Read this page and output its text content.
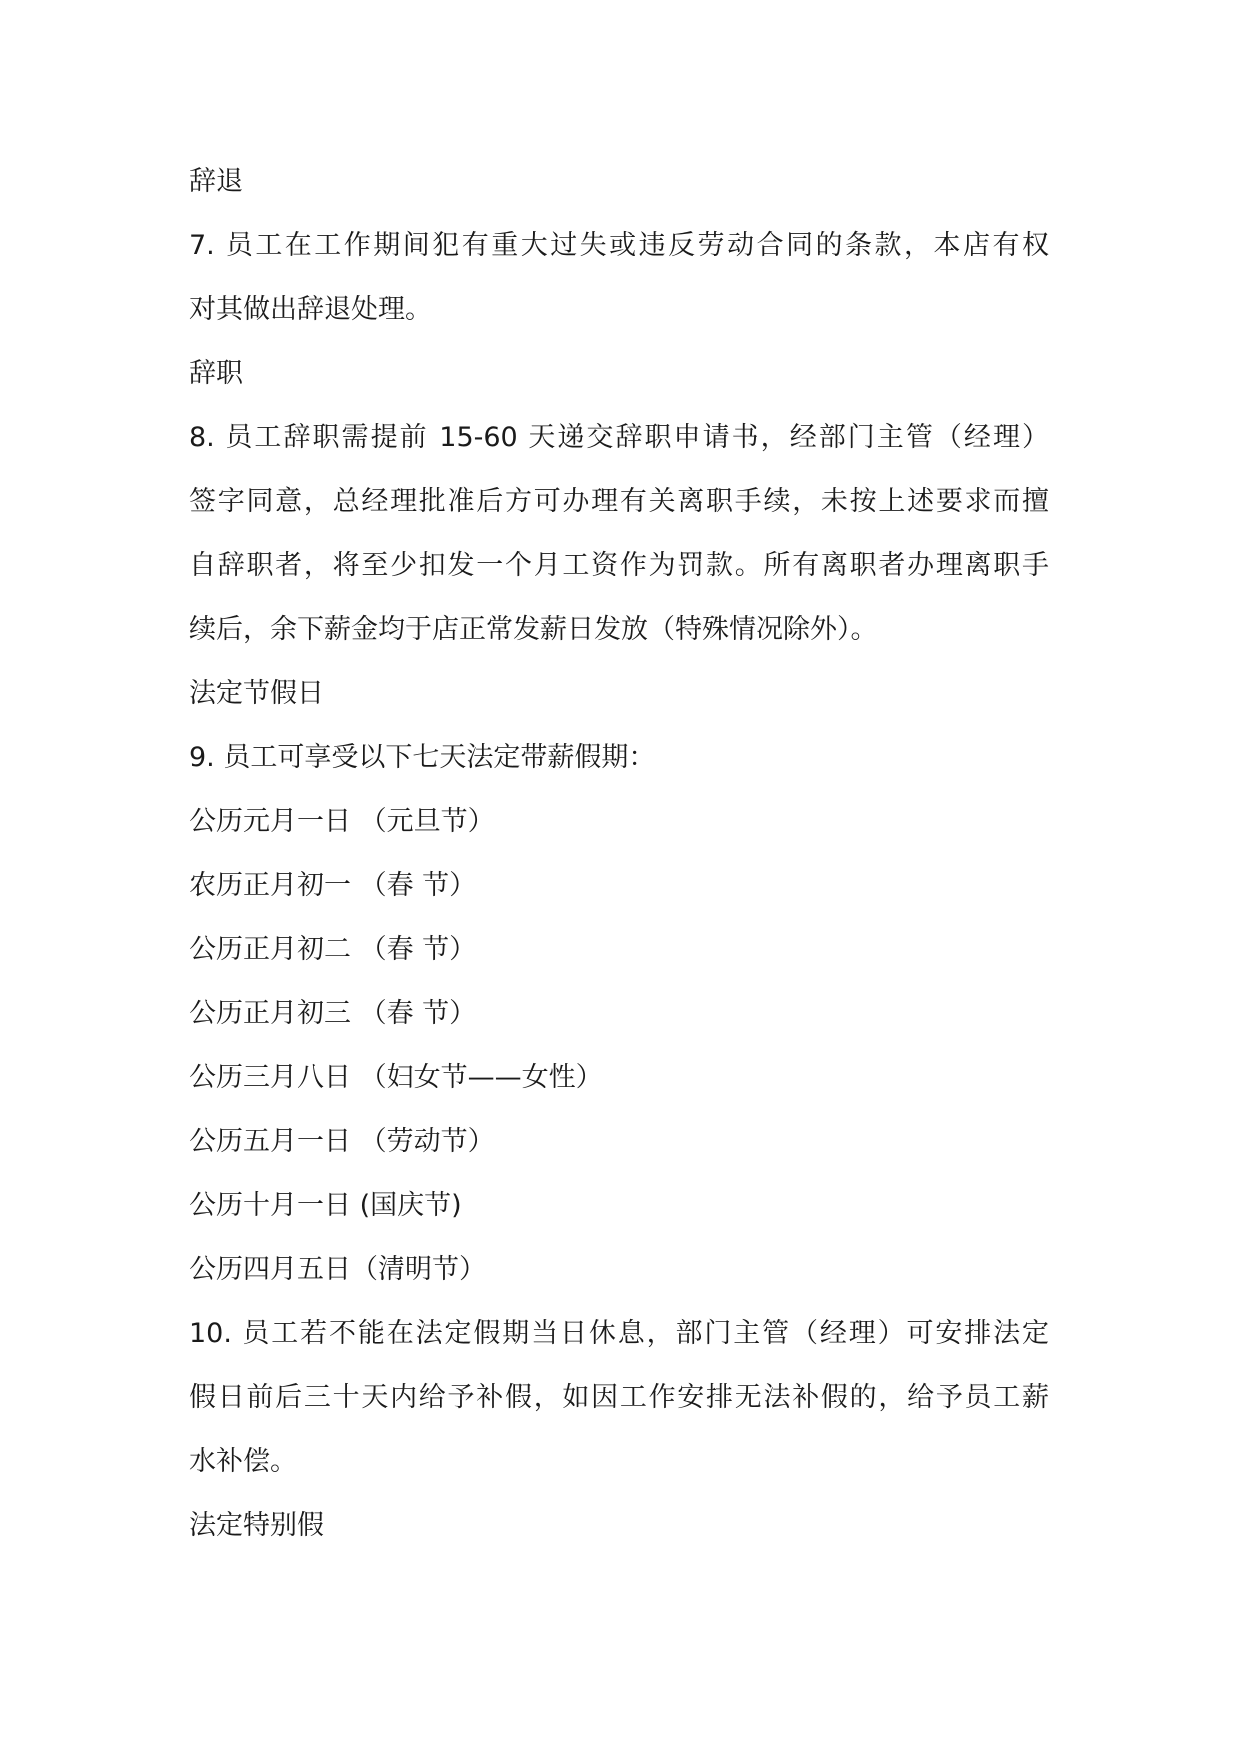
辞退

7. 员工在工作期间犯有重大过失或违反劳动合同的条款，本店有权

对其做出辞退处理。

辞职

8. 员工辞职需提前 15-60 天递交辞职申请书，经部门主管（经理）

签字同意，总经理批准后方可办理有关离职手续，未按上述要求而擅

自辞职者，将至少扣发一个月工资作为罚款。所有离职者办理离职手

续后，余下薪金均于店正常发薪日发放（特殊情况除外）。

法定节假日

9. 员工可享受以下七天法定带薪假期：

公历元月一日 （元旦节）

农历正月初一 （春 节）

公历正月初二 （春 节）

公历正月初三 （春 节）

公历三月八日 （妇女节——女性）

公历五月一日 （劳动节）

公历十月一日 (国庆节)

公历四月五日（清明节）

10. 员工若不能在法定假期当日休息，部门主管（经理）可安排法定

假日前后三十天内给予补假，如因工作安排无法补假的，给予员工薪

水补偿。

法定特别假
